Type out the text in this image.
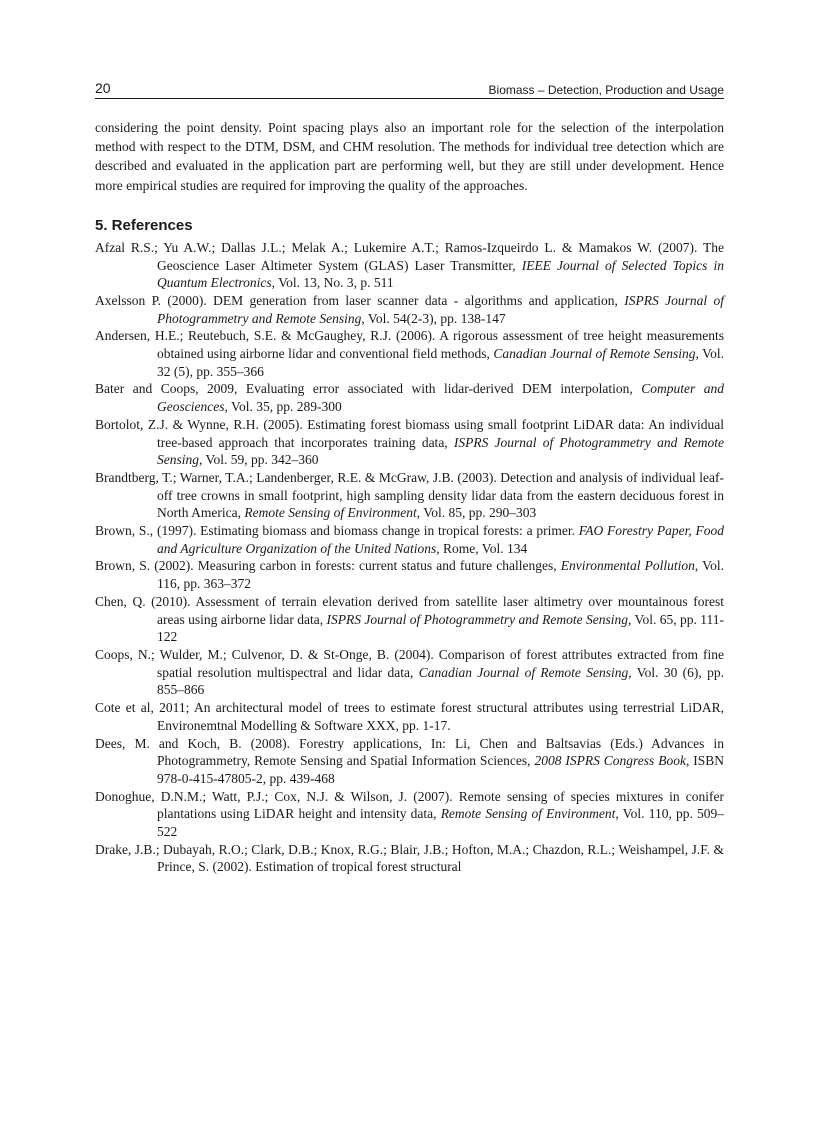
20	Biomass – Detection, Production and Usage

considering the point density. Point spacing plays also an important role for the selection of the interpolation method with respect to the DTM, DSM, and CHM resolution. The methods for individual tree detection which are described and evaluated in the application part are performing well, but they are still under development. Hence more empirical studies are required for improving the quality of the approaches.

5. References
Afzal R.S.; Yu A.W.; Dallas J.L.; Melak A.; Lukemire A.T.; Ramos-Izqueirdo L. & Mamakos W. (2007). The Geoscience Laser Altimeter System (GLAS) Laser Transmitter, IEEE Journal of Selected Topics in Quantum Electronics, Vol. 13, No. 3, p. 511
Axelsson P. (2000). DEM generation from laser scanner data - algorithms and application, ISPRS Journal of Photogrammetry and Remote Sensing, Vol. 54(2-3), pp. 138-147
Andersen, H.E.; Reutebuch, S.E. & McGaughey, R.J. (2006). A rigorous assessment of tree height measurements obtained using airborne lidar and conventional field methods, Canadian Journal of Remote Sensing, Vol. 32 (5), pp. 355–366
Bater and Coops, 2009, Evaluating error associated with lidar-derived DEM interpolation, Computer and Geosciences, Vol. 35, pp. 289-300
Bortolot, Z.J. & Wynne, R.H. (2005). Estimating forest biomass using small footprint LiDAR data: An individual tree-based approach that incorporates training data, ISPRS Journal of Photogrammetry and Remote Sensing, Vol. 59, pp. 342–360
Brandtberg, T.; Warner, T.A.; Landenberger, R.E. & McGraw, J.B. (2003). Detection and analysis of individual leaf-off tree crowns in small footprint, high sampling density lidar data from the eastern deciduous forest in North America, Remote Sensing of Environment, Vol. 85, pp. 290–303
Brown, S., (1997). Estimating biomass and biomass change in tropical forests: a primer. FAO Forestry Paper, Food and Agriculture Organization of the United Nations, Rome, Vol. 134
Brown, S. (2002). Measuring carbon in forests: current status and future challenges, Environmental Pollution, Vol. 116, pp. 363–372
Chen, Q. (2010). Assessment of terrain elevation derived from satellite laser altimetry over mountainous forest areas using airborne lidar data, ISPRS Journal of Photogrammetry and Remote Sensing, Vol. 65, pp. 111-122
Coops, N.; Wulder, M.; Culvenor, D. & St-Onge, B. (2004). Comparison of forest attributes extracted from fine spatial resolution multispectral and lidar data, Canadian Journal of Remote Sensing, Vol. 30 (6), pp. 855–866
Cote et al, 2011; An architectural model of trees to estimate forest structural attributes using terrestrial LiDAR, Environemtnal Modelling & Software XXX, pp. 1-17.
Dees, M. and Koch, B. (2008). Forestry applications, In: Li, Chen and Baltsavias (Eds.) Advances in Photogrammetry, Remote Sensing and Spatial Information Sciences, 2008 ISPRS Congress Book, ISBN 978-0-415-47805-2, pp. 439-468
Donoghue, D.N.M.; Watt, P.J.; Cox, N.J. & Wilson, J. (2007). Remote sensing of species mixtures in conifer plantations using LiDAR height and intensity data, Remote Sensing of Environment, Vol. 110, pp. 509–522
Drake, J.B.; Dubayah, R.O.; Clark, D.B.; Knox, R.G.; Blair, J.B.; Hofton, M.A.; Chazdon, R.L.; Weishampel, J.F. & Prince, S. (2002). Estimation of tropical forest structural
